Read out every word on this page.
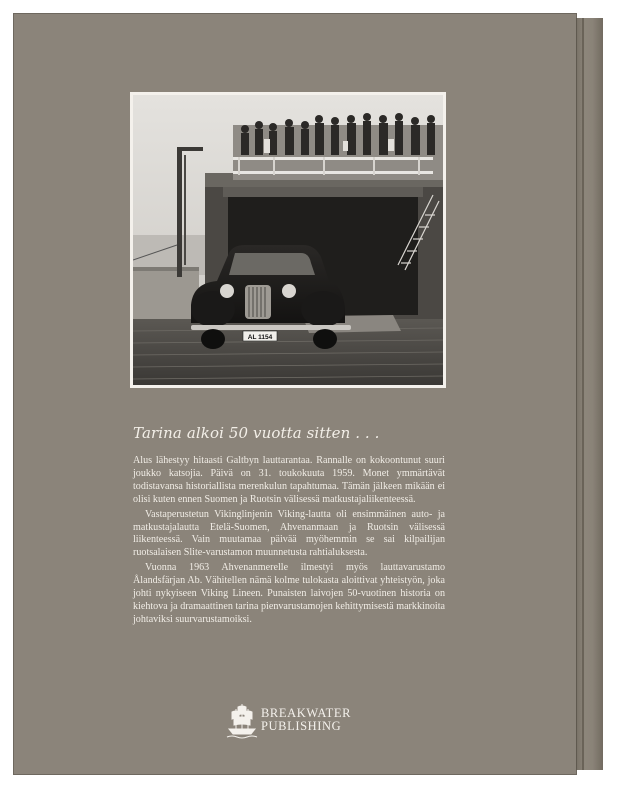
AL 1154
Tarina alkoi 50 vuotta sitten . . .

Alus lähestyy hitaasti Galtbyn lauttarantaa. Rannalle on kokoontunut suuri joukko katsojia. Päivä on 31. toukokuuta 1959. Monet ymmärtävät todistavansa historiallista merenkulun tapahtumaa. Tämän jälkeen mikään ei olisi kuten ennen Suomen ja Ruotsin välisessä matkustajaliikenteessä.

Vastaperustetun Vikinglinjenin Viking-lautta oli ensimmäinen auto- ja matkustajalautta Etelä-Suomen, Ahvenanmaan ja Ruotsin välisessä liikenteessä. Vain muutamaa päivää myöhemmin se sai kilpailijan ruotsalaisen Slite-varustamon muunnetusta rahtialuksesta.

Vuonna 1963 Ahvenanmerelle ilmestyi myös lauttavarustamo Ålandsfärjan Ab. Vähitellen nämä kolme tulokasta aloittivat yhteistyön, joka johti nykyiseen Viking Lineen. Punaisten laivojen 50-vuotinen historia on kiehtova ja dramaattinen tarina pienvarustamojen kehittymisestä markkinoita johtaviksi suurvarustamoiksi.

BREAKWATER
PUBLISHING
